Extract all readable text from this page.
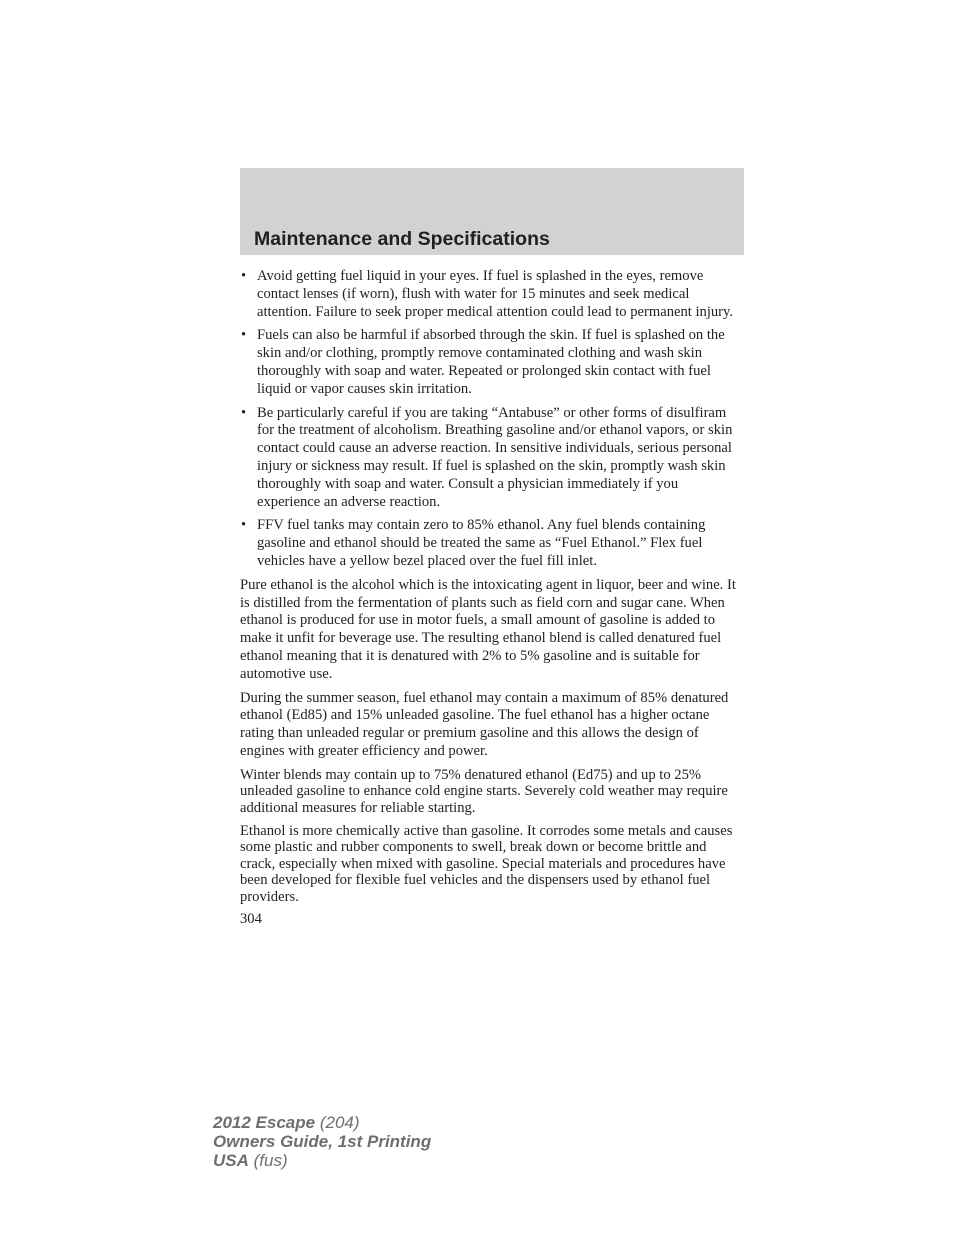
Maintenance and Specifications
• Avoid getting fuel liquid in your eyes. If fuel is splashed in the eyes, remove contact lenses (if worn), flush with water for 15 minutes and seek medical attention. Failure to seek proper medical attention could lead to permanent injury.
• Fuels can also be harmful if absorbed through the skin. If fuel is splashed on the skin and/or clothing, promptly remove contaminated clothing and wash skin thoroughly with soap and water. Repeated or prolonged skin contact with fuel liquid or vapor causes skin irritation.
• Be particularly careful if you are taking “Antabuse” or other forms of disulfiram for the treatment of alcoholism. Breathing gasoline and/or ethanol vapors, or skin contact could cause an adverse reaction. In sensitive individuals, serious personal injury or sickness may result. If fuel is splashed on the skin, promptly wash skin thoroughly with soap and water. Consult a physician immediately if you experience an adverse reaction.
• FFV fuel tanks may contain zero to 85% ethanol. Any fuel blends containing gasoline and ethanol should be treated the same as “Fuel Ethanol.” Flex fuel vehicles have a yellow bezel placed over the fuel fill inlet.

Pure ethanol is the alcohol which is the intoxicating agent in liquor, beer and wine. It is distilled from the fermentation of plants such as field corn and sugar cane. When ethanol is produced for use in motor fuels, a small amount of gasoline is added to make it unfit for beverage use. The resulting ethanol blend is called denatured fuel ethanol meaning that it is denatured with 2% to 5% gasoline and is suitable for automotive use.

During the summer season, fuel ethanol may contain a maximum of 85% denatured ethanol (Ed85) and 15% unleaded gasoline. The fuel ethanol has a higher octane rating than unleaded regular or premium gasoline and this allows the design of engines with greater efficiency and power.

Winter blends may contain up to 75% denatured ethanol (Ed75) and up to 25% unleaded gasoline to enhance cold engine starts. Severely cold weather may require additional measures for reliable starting.

Ethanol is more chemically active than gasoline. It corrodes some metals and causes some plastic and rubber components to swell, break down or become brittle and crack, especially when mixed with gasoline. Special materials and procedures have been developed for flexible fuel vehicles and the dispensers used by ethanol fuel providers.

304

2012 Escape (204)
Owners Guide, 1st Printing
USA (fus)
